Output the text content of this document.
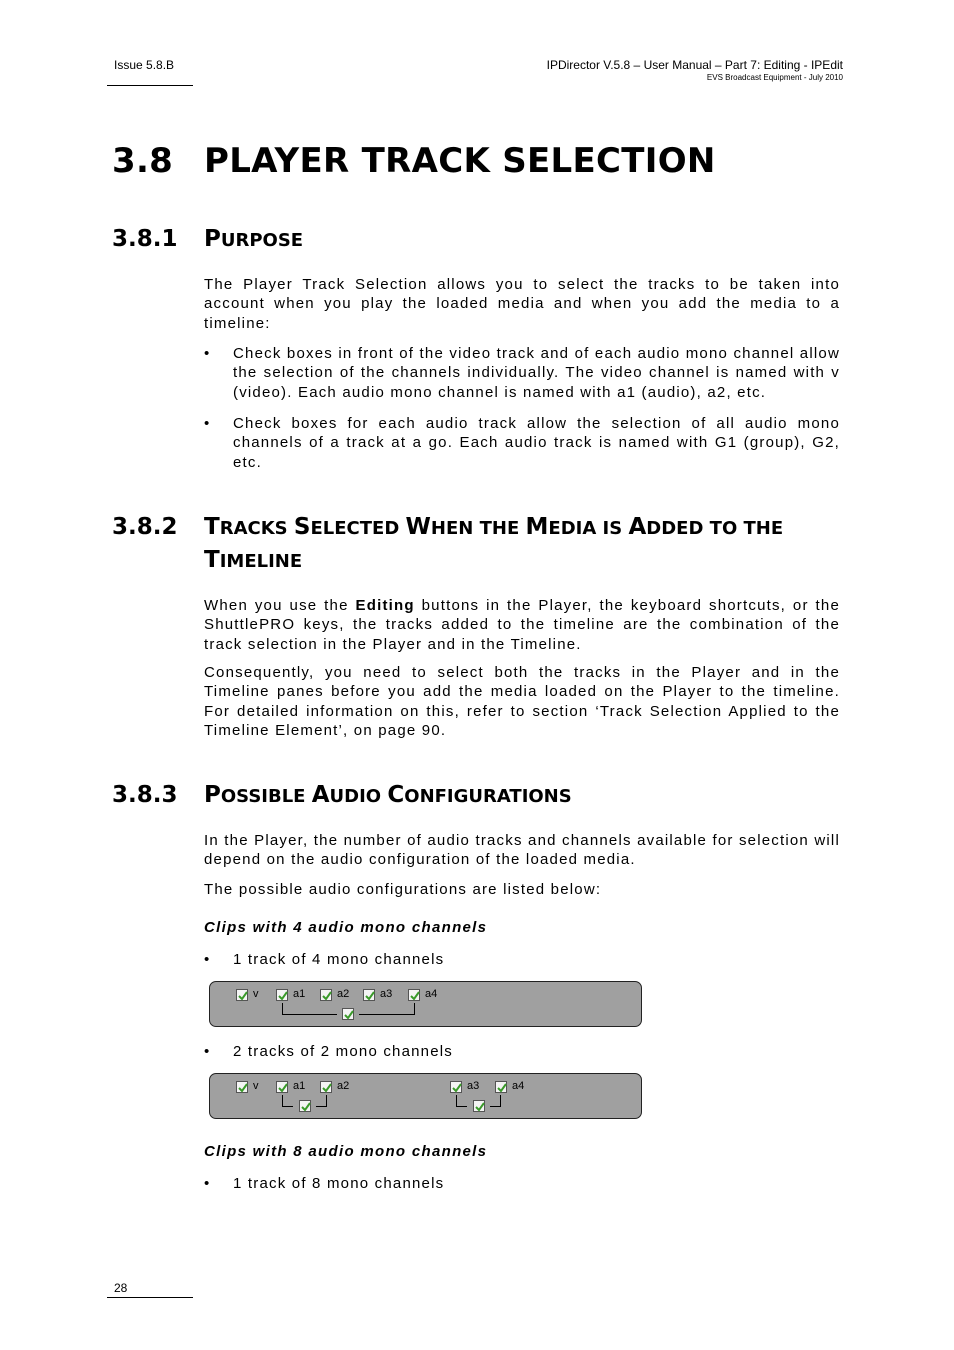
Issue 5.8.B	IPDirector V.5.8 – User Manual – Part 7: Editing - IPEdit
EVS Broadcast Equipment - July 2010
3.8 PLAYER TRACK SELECTION
3.8.1 PURPOSE
The Player Track Selection allows you to select the tracks to be taken into account when you play the loaded media and when you add the media to a timeline:
•	Check boxes in front of the video track and of each audio mono channel allow the selection of the channels individually. The video channel is named with v (video). Each audio mono channel is named with a1 (audio), a2, etc.
•	Check boxes for each audio track allow the selection of all audio mono channels of a track at a go. Each audio track is named with G1 (group), G2, etc.
3.8.2 TRACKS SELECTED WHEN THE MEDIA IS ADDED TO THE
TIMELINE
When you use the Editing buttons in the Player, the keyboard shortcuts, or the ShuttlePRO keys, the tracks added to the timeline are the combination of the track selection in the Player and in the Timeline.
Consequently, you need to select both the tracks in the Player and in the Timeline panes before you add the media loaded on the Player to the timeline. For detailed information on this, refer to section ‘Track Selection Applied to the Timeline Element’, on page 90.
3.8.3 POSSIBLE AUDIO CONFIGURATIONS
In the Player, the number of audio tracks and channels available for selection will depend on the audio configuration of the loaded media.
The possible audio configurations are listed below:
Clips with 4 audio mono channels
•	1 track of 4 mono channels
v	a1	a2	a3	a4
•	2 tracks of 2 mono channels
v	a1	a2	a3	a4
Clips with 8 audio mono channels
•	1 track of 8 mono channels
28
